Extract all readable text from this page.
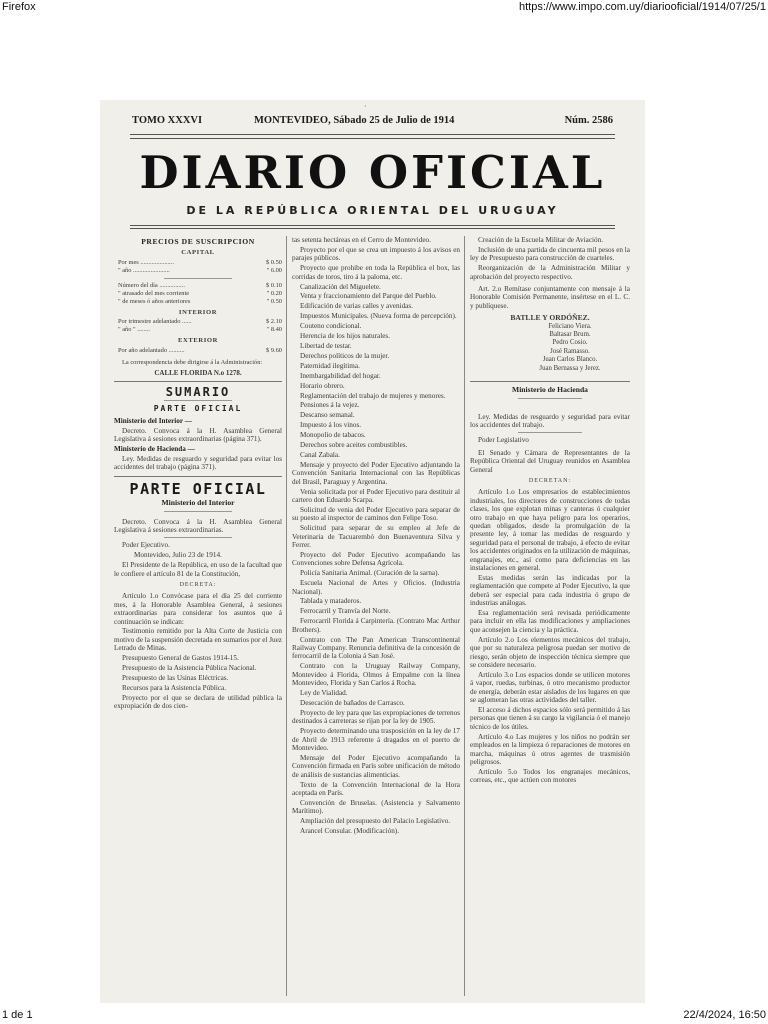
Firefox	https://www.impo.com.uy/diariooficial/1914/07/25/1
·
TOMO XXXVI	MONTEVIDEO, Sábado 25 de Julio de 1914	Núm. 2586
DIARIO OFICIAL
DE LA REPÚBLICA ORIENTAL DEL URUGUAY
PRECIOS DE SUSCRIPCION
CAPITAL
Por mes .....................	$ 0.50
" año .......................	" 6.00
Número del día ................	$ 0.10
" atrasado del mes corriente	" 0.20
" de meses ó años anteriores	" 0.50
INTERIOR
Por trimestre adelantado ......	$ 2.10
" año " ........	" 8.40
EXTERIOR
Por año adelantado ..........	$ 9.60

La correspondencia debe dirigirse á la Administración:

CALLE FLORIDA N.o 1278.
SUMARIO
PARTE OFICIAL

Ministerio del Interior —

Decreto. Convoca á la H. Asamblea General Legislativa á sesiones extraordinarias (página 371).

Ministerio de Hacienda —

Ley. Medidas de resguardo y seguridad para evitar los accidentes del trabajo (página 371).

PARTE OFICIAL
Ministerio del Interior

Decreto. Convoca á la H. Asamblea General Legislativa á sesiones extraordinarias.

Poder Ejecutivo.

Montevideo, Julio 23 de 1914.

El Presidente de la República, en uso de la facultad que le confiere el artículo 81 de la Constitución,

DECRETA:

Artículo 1.o Convócase para el día 25 del corriente mes, á la Honorable Asamblea General, á sesiones extraordinarias para considerar los asuntos que á continuación se indican:

Testimonio remitido por la Alta Corte de Justicia con motivo de la suspensión decretada en sumarios por el Juez Letrado de Minas.

Presupuesto General de Gastos 1914-15.

Presupuesto de la Asistencia Pública Nacional.

Presupuesto de las Usinas Eléctricas.

Recursos para la Asistencia Pública.

Proyecto por el que se declara de utilidad pública la expropiación de dos cien-

tas setenta hectáreas en el Cerro de Montevideo.

Proyecto por el que se crea un impuesto á los avisos en parajes públicos.

Proyecto que prohibe en toda la República el box, las corridas de toros, tiro á la paloma, etc.

Canalización del Miguelete.

Venta y fraccionamiento del Parque del Pueblo.

Edificación de varias calles y avenidas.

Impuestos Municipales. (Nueva forma de percepción).

Couteno condicional.

Herencia de los hijos naturales.

Libertad de testar.

Derechos políticos de la mujer.

Paternidad ilegítima.

Inembargabilidad del hogar.

Horario obrero.

Reglamentación del trabajo de mujeres y menores.

Pensiones á la vejez.

Descanso semanal.

Impuesto á los vinos.

Monopolio de tabacos.

Derechos sobre aceites combustibles.

Canal Zabala.

Mensaje y proyecto del Poder Ejecutivo adjuntando la Convención Sanitaria Internacional con las Repúblicas del Brasil, Paraguay y Argentina.

Venia solicitada por el Poder Ejecutivo para destituir al cartero don Eduardo Scarpa.

Solicitud de venia del Poder Ejecutivo para separar de su puesto al inspector de caminos don Felipe Toso.

Solicitud para separar de su empleo al Jefe de Veterinaria de Tacuarembó don Buenaventura Silva y Ferrer.

Proyecto del Poder Ejecutivo acompañando las Convenciones sobre Defensa Agrícola.

Policía Sanitaria Animal. (Curación de la sarna).

Escuela Nacional de Artes y Oficios. (Industria Nacional).

Tablada y mataderos.

Ferrocarril y Tranvía del Norte.

Ferrocarril Florida á Carpintería. (Contrato Mac Arthur Brothers).

Contrato con The Pan American Transcontinental Railway Company. Renuncia definitiva de la concesión de ferrocarril de la Colonia á San José.

Contrato con la Uruguay Railway Company, Montevideo á Florida, Olmos á Empalme con la línea Montevideo, Florida y San Carlos á Rocha.

Ley de Vialidad.

Desecación de bañados de Carrasco.

Proyecto de ley para que las expropiaciones de terrenos destinados á carreteras se rijan por la ley de 1905.

Proyecto determinando una trasposición en la ley de 17 de Abril de 1913 referente á dragados en el puerto de Montevideo.

Mensaje del Poder Ejecutivo acompañando la Convención firmada en París sobre unificación de método de análisis de sustancias alimenticias.

Texto de la Convención Internacional de la Hora aceptada en París.

Convención de Bruselas. (Asistencia y Salvamento Marítimo).

Ampliación del presupuesto del Palacio Legislativo.

Arancel Consular. (Modificación).

Creación de la Escuela Militar de Aviación.

Inclusión de una partida de cincuenta mil pesos en la ley de Presupuesto para construcción de cuarteles.

Reorganización de la Administración Militar y aprobación del proyecto respectivo.

Art. 2.o Remítase conjuntamente con mensaje á la Honorable Comisión Permanente, insértese en el L. C. y publíquese.

BATLLE Y ORDÓÑEZ.
Feliciano Viera.
Baltasar Brum.
Pedro Cosio.
José Ramasso.
Juan Carlos Blanco.
Juan Bernassa y Jerez.
Ministerio de Hacienda

Ley. Medidas de resguardo y seguridad para evitar los accidentes del trabajo.

Poder Legislativo

El Senado y Cámara de Representantes de la República Oriental del Uruguay reunidos en Asamblea General

DECRETAN:

Artículo 1.o Los empresarios de establecimientos industriales, los directores de construcciones de todas clases, los que explotan minas y canteras ó cualquier otro trabajo en que haya peligro para los operarios, quedan obligados, desde la promulgación de la presente ley, á tomar las medidas de resguardo y seguridad para el personal de trabajo, á efecto de evitar los accidentes originados en la utilización de máquinas, engranajes, etc., así como para deficiencias en las instalaciones en general.

Estas medidas serán las indicadas por la reglamentación que compete al Poder Ejecutivo, la que deberá ser especial para cada industria ó grupo de industrias análogas.

Esa reglamentación será revisada periódicamente para incluir en ella las modificaciones y ampliaciones que aconsejen la ciencia y la práctica.

Artículo 2.o Los elementos mecánicos del trabajo, que por su naturaleza peligrosa puedan ser motivo de riesgo, serán objeto de inspección técnica siempre que se considere necesario.

Artículo 3.o Los espacios donde se utilicen motores á vapor, ruedas, turbinas, ó otro mecanismo productor de energía, deberán estar aislados de los lugares en que se aglomeran las otras actividades del taller.

El acceso á dichos espacios sólo será permitido á las personas que tienen á su cargo la vigilancia ó el manejo técnico de los útiles.

Artículo 4.o Las mujeres y los niños no podrán ser empleados en la limpieza ó reparaciones de motores en marcha, máquinas ú otros agentes de trasmisión peligrosos.

Artículo 5.o Todos los engranajes mecánicos, correas, etc., que actúen con motores

1 de 1	22/4/2024, 16:50
